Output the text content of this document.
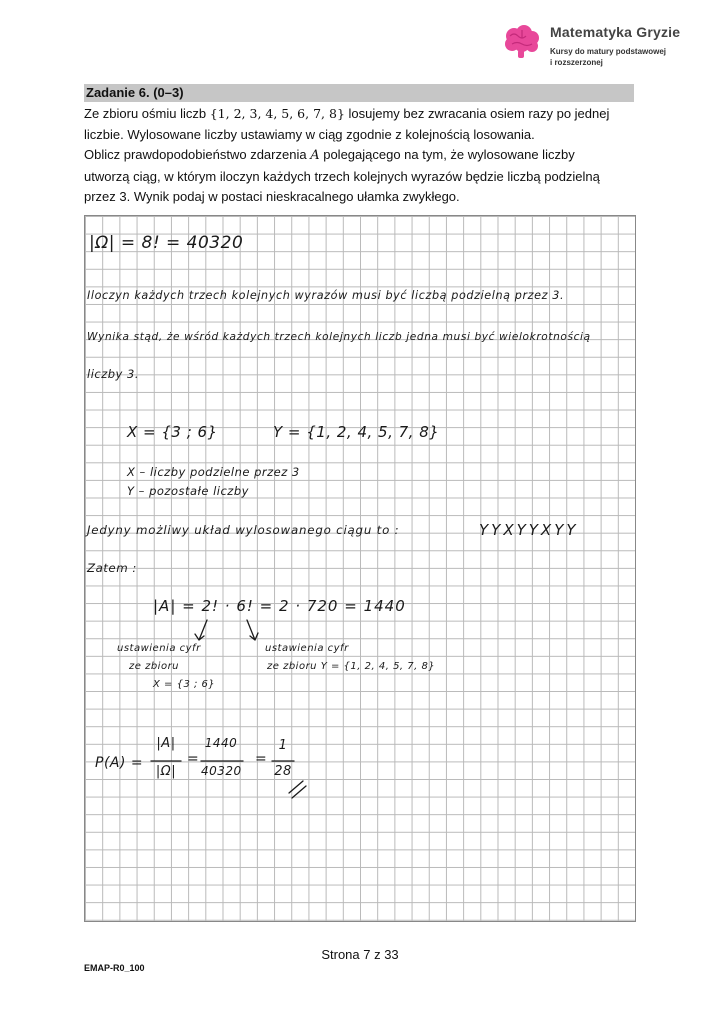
Matematyka Gryzie
Kursy do matury podstawowej
i rozszerzonej
Zadanie 6. (0–3)

Ze zbioru ośmiu liczb {1, 2, 3, 4, 5, 6, 7, 8} losujemy bez zwracania osiem razy po jednej

liczbie. Wylosowane liczby ustawiamy w ciąg zgodnie z kolejnością losowania.

Oblicz prawdopodobieństwo zdarzenia A polegającego na tym, że wylosowane liczby

utworzą ciąg, w którym iloczyn każdych trzech kolejnych wyrazów będzie liczbą podzielną

przez 3. Wynik podaj w postaci nieskracalnego ułamka zwykłego.

|Ω| = 8! = 40320
Iloczyn każdych trzech kolejnych wyrazów musi być liczbą podzielną przez 3.
Wynika stąd, że wśród każdych trzech kolejnych liczb jedna musi być wielokrotnością
liczby 3.
X = {3 ; 6}	Y = {1, 2, 4, 5, 7, 8}
X – liczby podzielne przez 3
Y – pozostałe liczby
Jedyny możliwy układ wylosowanego ciągu to :	YYXYYXYY
Zatem :
|A| = 2! · 6! = 2 · 720 = 1440
ustawienia cyfr
ze zbioru
X = {3 ; 6}
ustawienia cyfr
ze zbioru Y = {1, 2, 4, 5, 7, 8}
P(A) =
|A|
|Ω|
=
1440
40320
=
1
28
Strona 7 z 33
EMAP-R0_100
